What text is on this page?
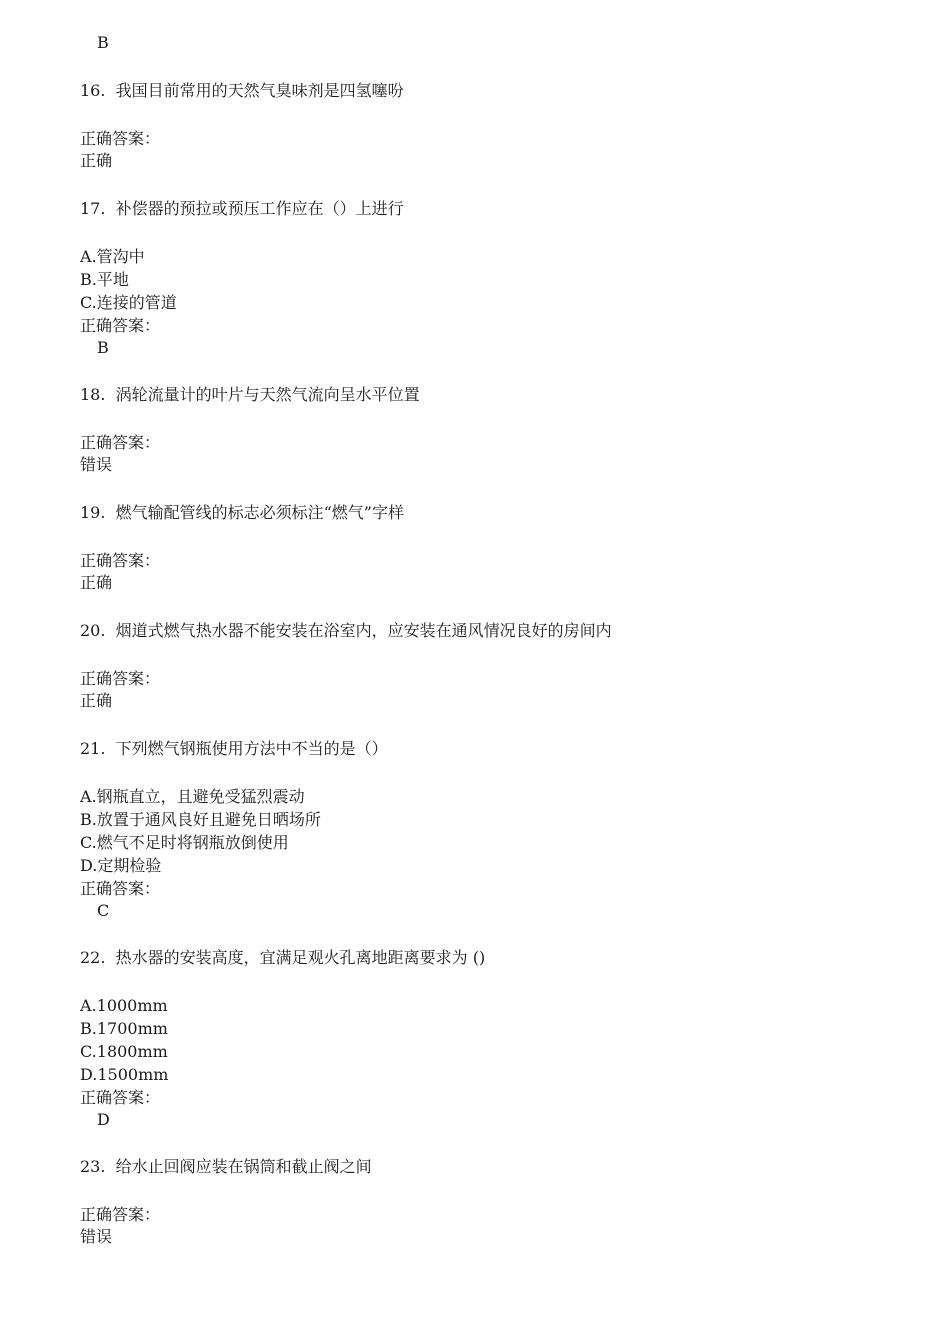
B
16. 我国目前常用的天然气臭味剂是四氢噻吩
正确答案：
正确
17. 补偿器的预拉或预压工作应在（）上进行
A.管沟中
B.平地
C.连接的管道
正确答案：
B
18. 涡轮流量计的叶片与天然气流向呈水平位置
正确答案：
错误
19. 燃气输配管线的标志必须标注“燃气”字样
正确答案：
正确
20. 烟道式燃气热水器不能安装在浴室内，应安装在通风情况良好的房间内
正确答案：
正确
21. 下列燃气钢瓶使用方法中不当的是（）
A.钢瓶直立，且避免受猛烈震动
B.放置于通风良好且避免日晒场所
C.燃气不足时将钢瓶放倒使用
D.定期检验
正确答案：
C
22. 热水器的安装高度，宜满足观火孔离地距离要求为 ()
A.1000mm
B.1700mm
C.1800mm
D.1500mm
正确答案：
D
23. 给水止回阀应装在锅筒和截止阀之间
正确答案：
错误
